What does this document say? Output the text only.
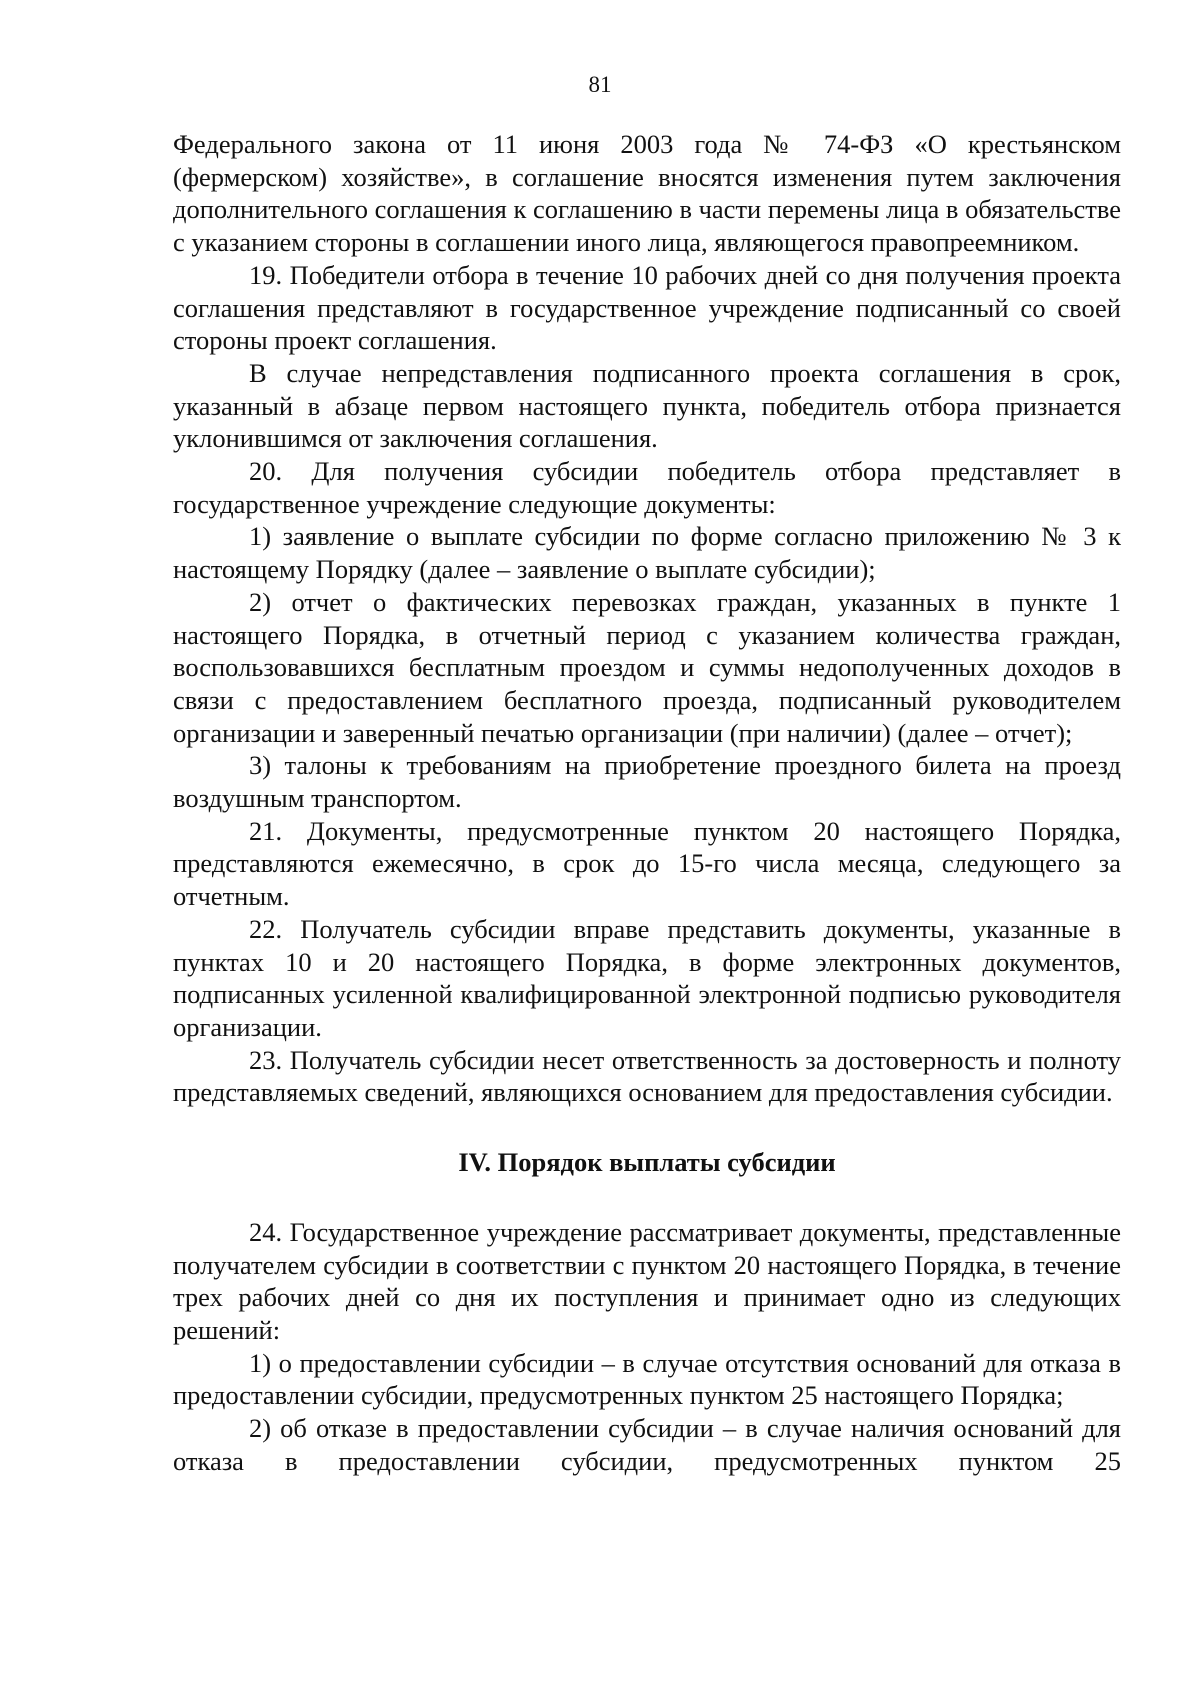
81

Федерального закона от 11 июня 2003 года № 74-ФЗ «О крестьянском (фермерском) хозяйстве», в соглашение вносятся изменения путем заключения дополнительного соглашения к соглашению в части перемены лица в обязательстве с указанием стороны в соглашении иного лица, являющегося правопреемником.

19. Победители отбора в течение 10 рабочих дней со дня получения проекта соглашения представляют в государственное учреждение подписанный со своей стороны проект соглашения.

В случае непредставления подписанного проекта соглашения в срок, указанный в абзаце первом настоящего пункта, победитель отбора признается уклонившимся от заключения соглашения.

20. Для получения субсидии победитель отбора представляет в государственное учреждение следующие документы:

1) заявление о выплате субсидии по форме согласно приложению № 3 к настоящему Порядку (далее – заявление о выплате субсидии);

2) отчет о фактических перевозках граждан, указанных в пункте 1 настоящего Порядка, в отчетный период с указанием количества граждан, воспользовавшихся бесплатным проездом и суммы недополученных доходов в связи с предоставлением бесплатного проезда, подписанный руководителем организации и заверенный печатью организации (при наличии) (далее – отчет);

3) талоны к требованиям на приобретение проездного билета на проезд воздушным транспортом.

21. Документы, предусмотренные пунктом 20 настоящего Порядка, представляются ежемесячно, в срок до 15-го числа месяца, следующего за отчетным.

22. Получатель субсидии вправе представить документы, указанные в пунктах 10 и 20 настоящего Порядка, в форме электронных документов, подписанных усиленной квалифицированной электронной подписью руководителя организации.

23. Получатель субсидии несет ответственность за достоверность и полноту представляемых сведений, являющихся основанием для предоставления субсидии.

IV. Порядок выплаты субсидии

24. Государственное учреждение рассматривает документы, представленные получателем субсидии в соответствии с пунктом 20 настоящего Порядка, в течение трех рабочих дней со дня их поступления и принимает одно из следующих решений:

1) о предоставлении субсидии – в случае отсутствия оснований для отказа в предоставлении субсидии, предусмотренных пунктом 25 настоящего Порядка;

2) об отказе в предоставлении субсидии – в случае наличия оснований для отказа в предоставлении субсидии, предусмотренных пунктом 25
